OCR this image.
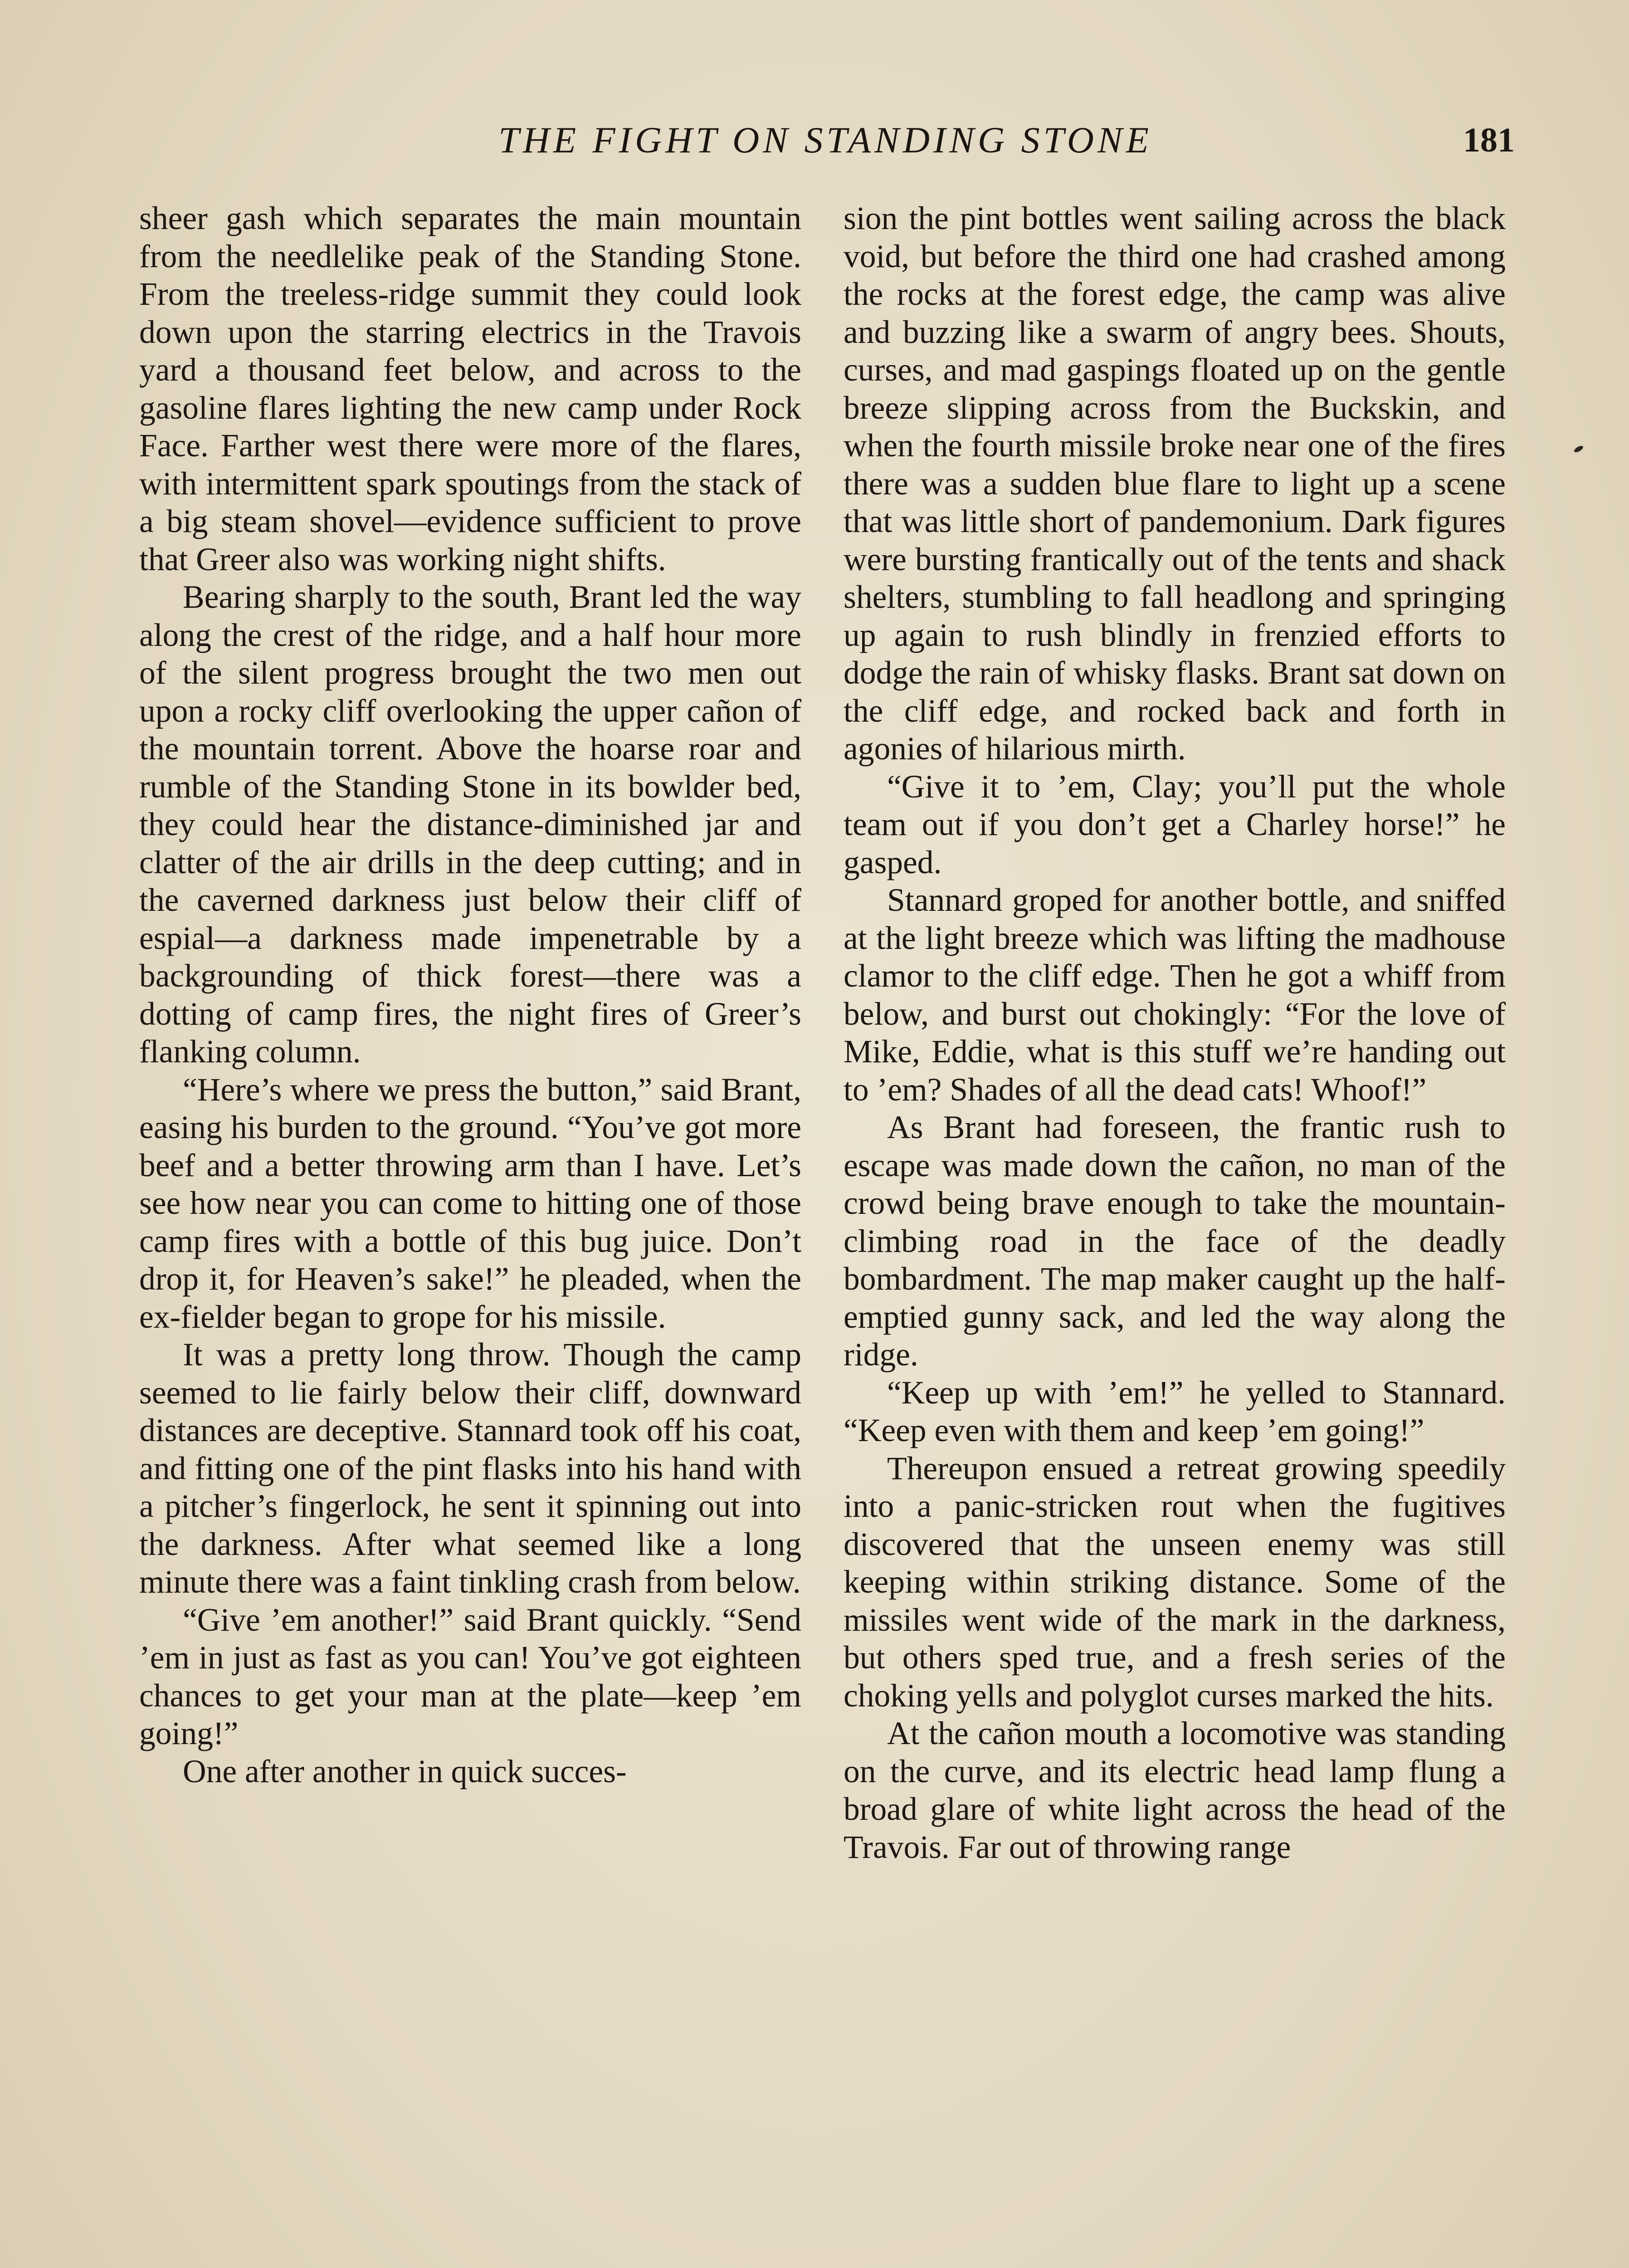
THE FIGHT ON STANDING STONE	181

sheer gash which separates the main mountain from the needlelike peak of the Standing Stone. From the treeless-ridge summit they could look down upon the starring electrics in the Travois yard a thousand feet below, and across to the gasoline flares lighting the new camp under Rock Face. Farther west there were more of the flares, with intermittent spark spoutings from the stack of a big steam shovel—evidence sufficient to prove that Greer also was working night shifts.

Bearing sharply to the south, Brant led the way along the crest of the ridge, and a half hour more of the silent progress brought the two men out upon a rocky cliff overlooking the upper cañon of the mountain torrent. Above the hoarse roar and rumble of the Standing Stone in its bowlder bed, they could hear the distance-diminished jar and clatter of the air drills in the deep cutting; and in the caverned darkness just below their cliff of espial—a darkness made impenetrable by a backgrounding of thick forest—there was a dotting of camp fires, the night fires of Greer’s flanking column.

“Here’s where we press the button,” said Brant, easing his burden to the ground. “You’ve got more beef and a better throwing arm than I have. Let’s see how near you can come to hitting one of those camp fires with a bottle of this bug juice. Don’t drop it, for Heaven’s sake!” he pleaded, when the ex-fielder began to grope for his missile.

It was a pretty long throw. Though the camp seemed to lie fairly below their cliff, downward distances are deceptive. Stannard took off his coat, and fitting one of the pint flasks into his hand with a pitcher’s fingerlock, he sent it spinning out into the darkness. After what seemed like a long minute there was a faint tinkling crash from below.

“Give ’em another!” said Brant quickly. “Send ’em in just as fast as you can! You’ve got eighteen chances to get your man at the plate—keep ’em going!”

One after another in quick succes-

sion the pint bottles went sailing across the black void, but before the third one had crashed among the rocks at the forest edge, the camp was alive and buzzing like a swarm of angry bees. Shouts, curses, and mad gaspings floated up on the gentle breeze slipping across from the Buckskin, and when the fourth missile broke near one of the fires there was a sudden blue flare to light up a scene that was little short of pandemonium. Dark figures were bursting frantically out of the tents and shack shelters, stumbling to fall headlong and springing up again to rush blindly in frenzied efforts to dodge the rain of whisky flasks. Brant sat down on the cliff edge, and rocked back and forth in agonies of hilarious mirth.

“Give it to ’em, Clay; you’ll put the whole team out if you don’t get a Charley horse!” he gasped.

Stannard groped for another bottle, and sniffed at the light breeze which was lifting the madhouse clamor to the cliff edge. Then he got a whiff from below, and burst out chokingly: “For the love of Mike, Eddie, what is this stuff we’re handing out to ’em? Shades of all the dead cats! Whoof!”

As Brant had foreseen, the frantic rush to escape was made down the cañon, no man of the crowd being brave enough to take the mountain-climbing road in the face of the deadly bombardment. The map maker caught up the half-emptied gunny sack, and led the way along the ridge.

“Keep up with ’em!” he yelled to Stannard. “Keep even with them and keep ’em going!”

Thereupon ensued a retreat growing speedily into a panic-stricken rout when the fugitives discovered that the unseen enemy was still keeping within striking distance. Some of the missiles went wide of the mark in the darkness, but others sped true, and a fresh series of the choking yells and polyglot curses marked the hits.

At the cañon mouth a locomotive was standing on the curve, and its electric head lamp flung a broad glare of white light across the head of the Travois. Far out of throwing range
